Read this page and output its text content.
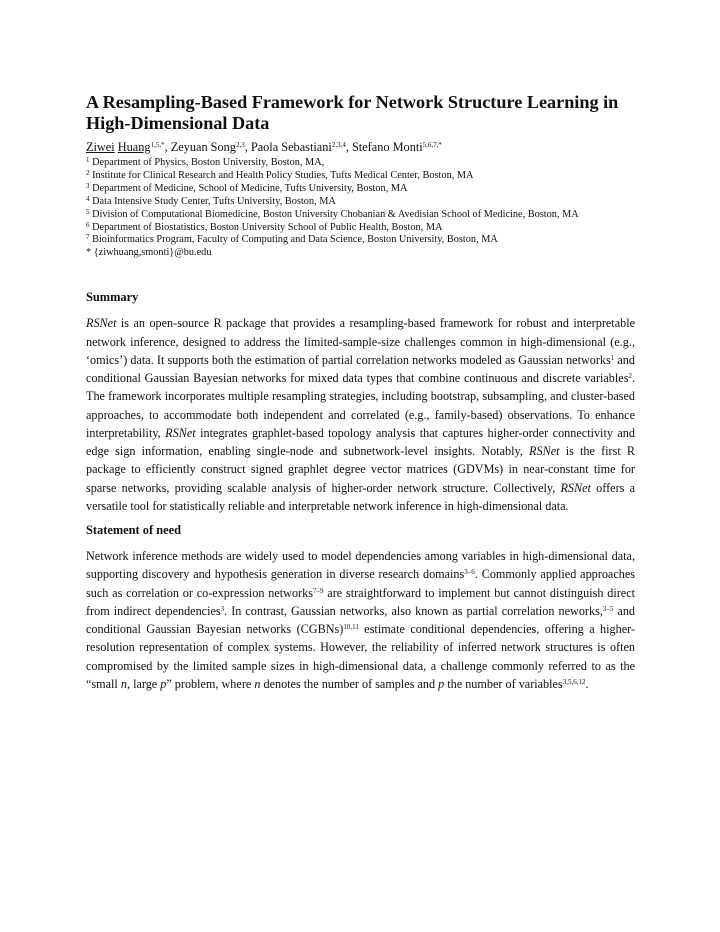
A Resampling-Based Framework for Network Structure Learning in High-Dimensional Data
Ziwei Huang$^{1,5,*}$, Zeyuan Song$^{2,3}$, Paola Sebastiani$^{2,3,4}$, Stefano Monti$^{5,6,7,*}$
$^1$ Department of Physics, Boston University, Boston, MA,
$^2$ Institute for Clinical Research and Health Policy Studies, Tufts Medical Center, Boston, MA
$^3$ Department of Medicine, School of Medicine, Tufts University, Boston, MA
$^4$ Data Intensive Study Center, Tufts University, Boston, MA
$^5$ Division of Computational Biomedicine, Boston University Chobanian & Avedisian School of Medicine, Boston, MA
$^6$ Department of Biostatistics, Boston University School of Public Health, Boston, MA
$^7$ Bioinformatics Program, Faculty of Computing and Data Science, Boston University, Boston, MA
* {ziwhuang,smonti}@bu.edu
Summary

RSNet is an open-source R package that provides a resampling-based framework for robust and interpretable network inference, designed to address the limited-sample-size challenges common in high-dimensional (e.g., ‘omics’) data. It supports both the estimation of partial correlation networks modeled as Gaussian networks$^1$ and conditional Gaussian Bayesian networks for mixed data types that combine continuous and discrete variables$^2$. The framework incorporates multiple resampling strategies, including bootstrap, subsampling, and cluster-based approaches, to accommodate both independent and correlated (e.g., family-based) observations. To enhance interpretability, RSNet integrates graphlet-based topology analysis that captures higher-order connectivity and edge sign information, enabling single-node and subnetwork-level insights. Notably, RSNet is the first R package to efficiently construct signed graphlet degree vector matrices (GDVMs) in near-constant time for sparse networks, providing scalable analysis of higher-order network structure. Collectively, RSNet offers a versatile tool for statistically reliable and interpretable network inference in high-dimensional data.

Statement of need

Network inference methods are widely used to model dependencies among variables in high-dimensional data, supporting discovery and hypothesis generation in diverse research domains$^{3-6}$. Commonly applied approaches such as correlation or co-expression networks$^{7-9}$ are straightforward to implement but cannot distinguish direct from indirect dependencies$^3$. In contrast, Gaussian networks, also known as partial correlation neworks,$^{3-5}$ and conditional Gaussian Bayesian networks (CGBNs)$^{10,11}$ estimate conditional dependencies, offering a higher-resolution representation of complex systems. However, the reliability of inferred network structures is often compromised by the limited sample sizes in high-dimensional data, a challenge commonly referred to as the “small n, large p” problem, where n denotes the number of samples and p the number of variables$^{3,5,6,12}$.
